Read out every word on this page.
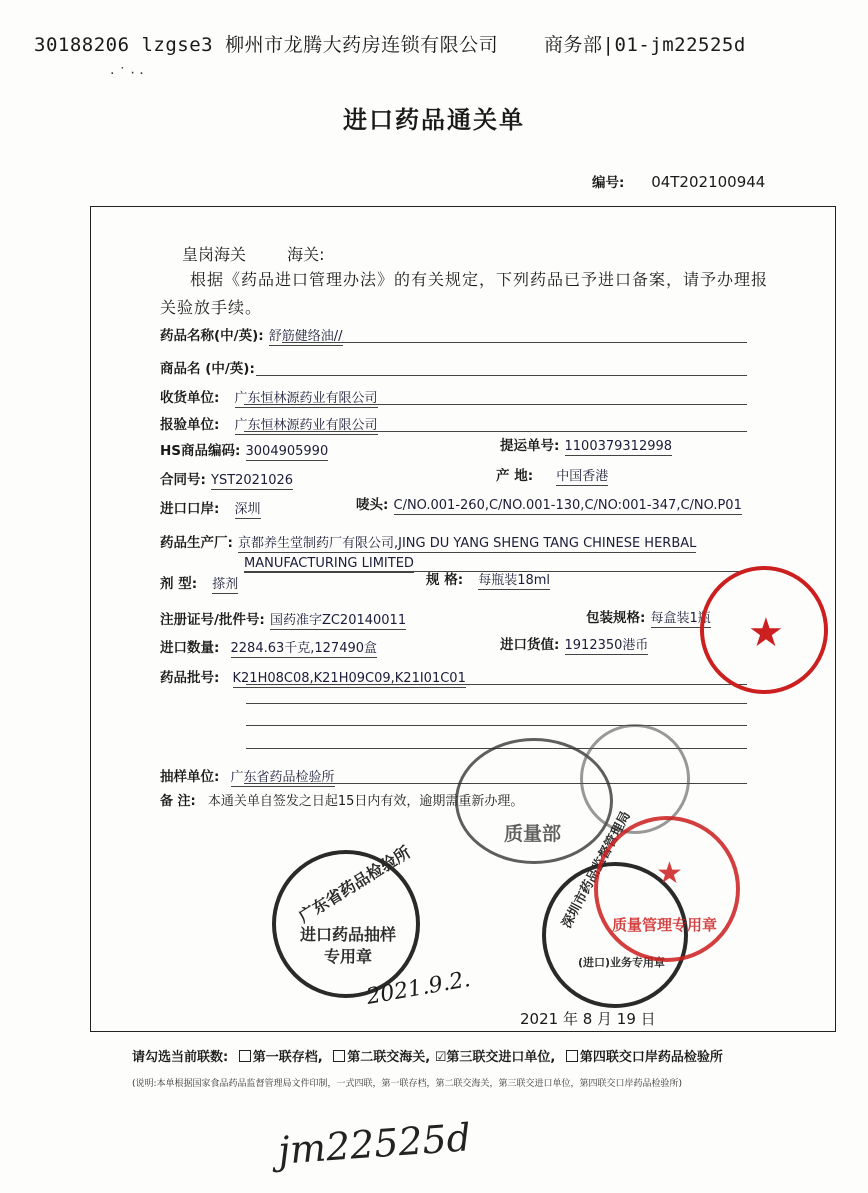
30188206 lzgse3 柳州市龙腾大药房连锁有限公司 商务部|01-jm22525d
· ˙ ‧ ·
进口药品通关单
编号: 04T202100944
皇岗海关	海关:
根据《药品进口管理办法》的有关规定，下列药品已予进口备案，请予办理报关验放手续。
药品名称(中/英): 舒筋健络油//
商品名 (中/英):
收货单位: 广东恒林源药业有限公司
报验单位: 广东恒林源药业有限公司
HS商品编码: 3004905990	提运单号: 1100379312998
合同号: YST2021026	产 地: 中国香港
进口口岸: 深圳	唛头: C/NO.001-260,C/NO.001-130,C/NO:001-347,C/NO.P01
药品生产厂: 京都养生堂制药厂有限公司,JING DU YANG SHENG TANG CHINESE HERBAL
MANUFACTURING LIMITED
剂 型: 搽剂	规 格: 每瓶装18ml
注册证号/批件号: 国药准字ZC20140011	包装规格: 每盒装1瓶
进口数量: 2284.63千克,127490盒	进口货值: 1912350港币
药品批号: K21H08C08,K21H09C09,K21I01C01
抽样单位: 广东省药品检验所
备 注: 本通关单自签发之日起15日内有效，逾期需重新办理。
★
质量部
广东省药品检验所
进口药品抽样专用章
深圳市药品监督管理局
(进口)业务专用章
★
质量管理专用章
2021.9.2.
2021 年 8 月 19 日
请勾选当前联数: 第一联存档, 第二联交海关, ☑第三联交进口单位, 第四联交口岸药品检验所
(说明:本单根据国家食品药品监督管理局文件印制，一式四联，第一联存档，第二联交海关，第三联交进口单位，第四联交口岸药品检验所)
jm22525d
